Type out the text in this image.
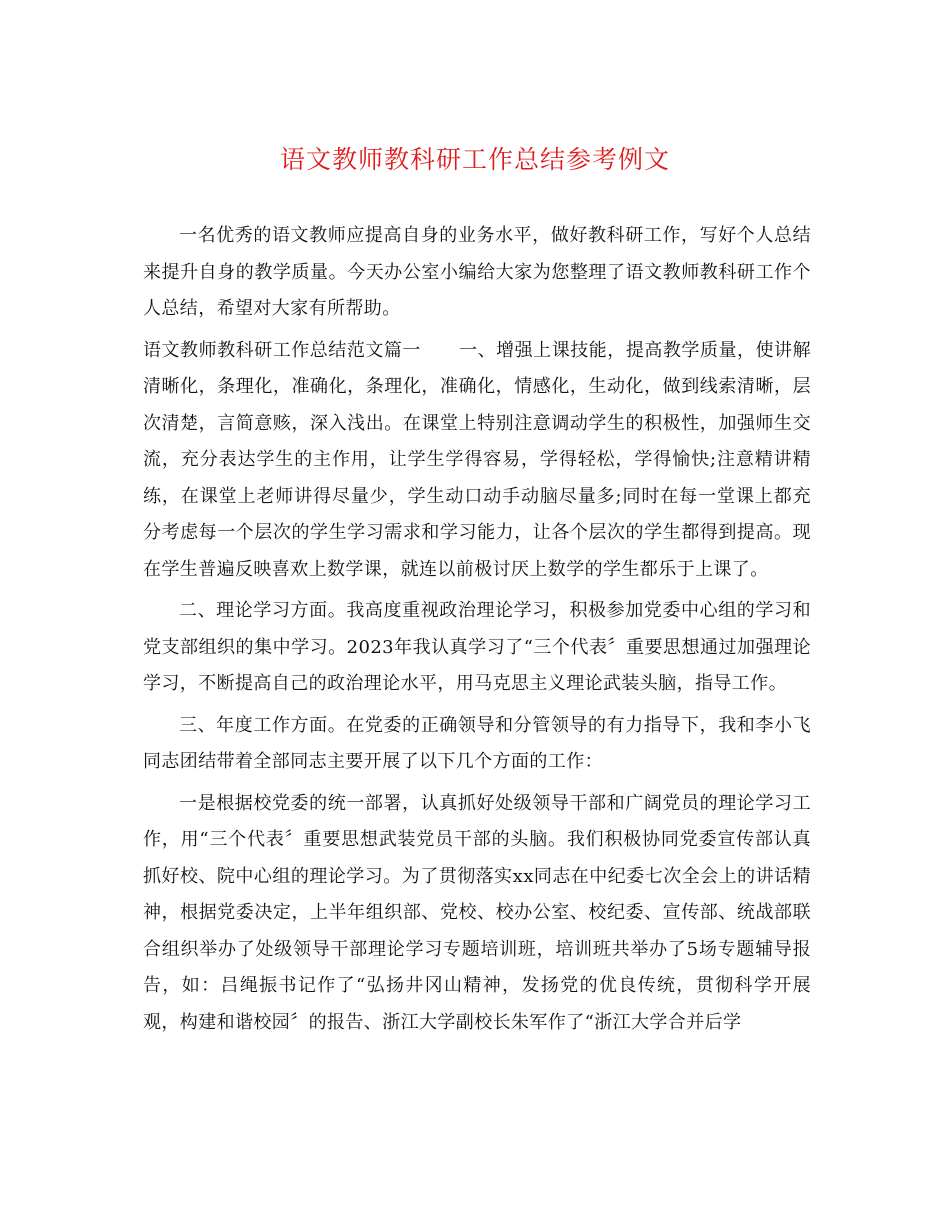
语文教师教科研工作总结参考例文

一名优秀的语文教师应提高自身的业务水平，做好教科研工作，写好个人总结来提升自身的教学质量。今天办公室小编给大家为您整理了语文教师教科研工作个人总结，希望对大家有所帮助。

语文教师教科研工作总结范文篇一 一、增强上课技能，提高教学质量，使讲解清晰化，条理化，准确化，条理化，准确化，情感化，生动化，做到线索清晰，层次清楚，言简意赅，深入浅出。在课堂上特别注意调动学生的积极性，加强师生交流，充分表达学生的主作用，让学生学得容易，学得轻松，学得愉快;注意精讲精练，在课堂上老师讲得尽量少，学生动口动手动脑尽量多;同时在每一堂课上都充分考虑每一个层次的学生学习需求和学习能力，让各个层次的学生都得到提高。现在学生普遍反映喜欢上数学课，就连以前极讨厌上数学的学生都乐于上课了。

二、理论学习方面。我高度重视政治理论学习，积极参加党委中心组的学习和党支部组织的集中学习。2023年我认真学习了“三个代表〞重要思想通过加强理论学习，不断提高自己的政治理论水平，用马克思主义理论武装头脑，指导工作。

三、年度工作方面。在党委的正确领导和分管领导的有力指导下，我和李小飞同志团结带着全部同志主要开展了以下几个方面的工作：

一是根据校党委的统一部署，认真抓好处级领导干部和广阔党员的理论学习工作，用“三个代表〞重要思想武装党员干部的头脑。我们积极协同党委宣传部认真抓好校、院中心组的理论学习。为了贯彻落实xx同志在中纪委七次全会上的讲话精神，根据党委决定，上半年组织部、党校、校办公室、校纪委、宣传部、统战部联合组织举办了处级领导干部理论学习专题培训班，培训班共举办了5场专题辅导报告，如：吕绳振书记作了“弘扬井冈山精神，发扬党的优良传统，贯彻科学开展观，构建和谐校园〞的报告、浙江大学副校长朱军作了“浙江大学合并后学
